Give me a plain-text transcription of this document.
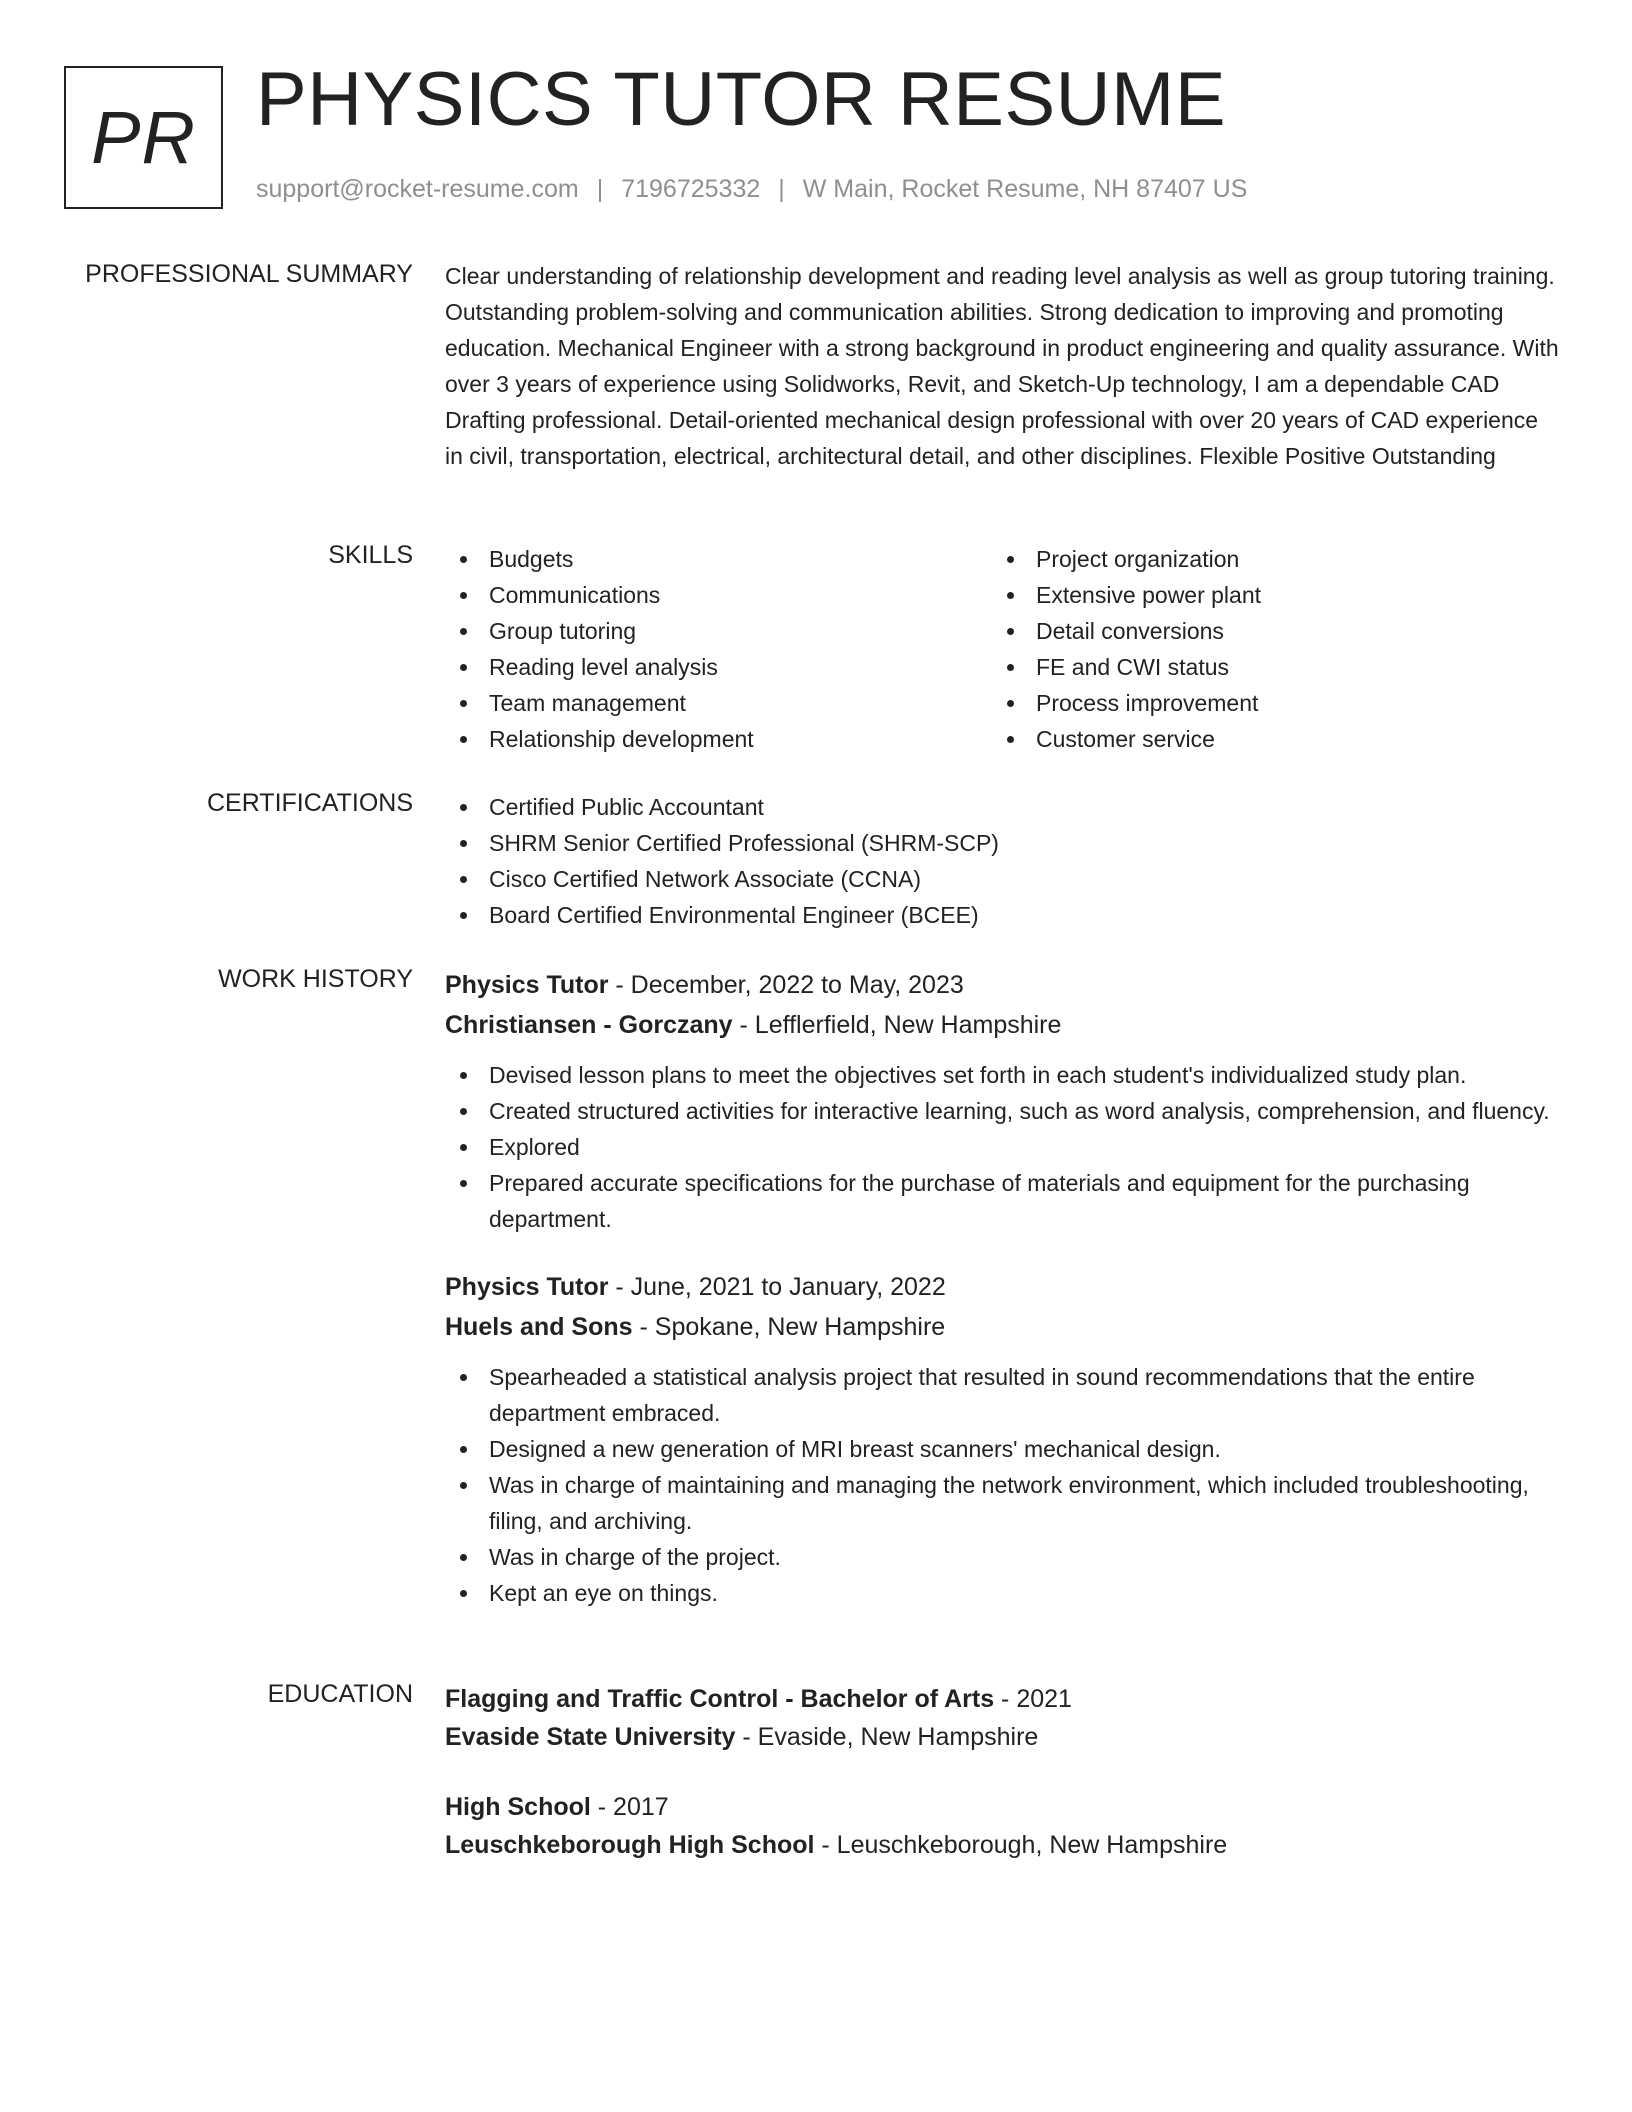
PR PHYSICS TUTOR RESUME
support@rocket-resume.com | 7196725332 | W Main, Rocket Resume, NH 87407 US
PROFESSIONAL SUMMARY Clear understanding of relationship development and reading level analysis as well as group tutoring training. Outstanding problem-solving and communication abilities. Strong dedication to improving and promoting education. Mechanical Engineer with a strong background in product engineering and quality assurance. With over 3 years of experience using Solidworks, Revit, and Sketch-Up technology, I am a dependable CAD Drafting professional. Detail-oriented mechanical design professional with over 20 years of CAD experience in civil, transportation, electrical, architectural detail, and other disciplines. Flexible Positive Outstanding
SKILLS	Budgets
Communications
Group tutoring
Reading level analysis
Team management
Relationship development
Project organization
Extensive power plant
Detail conversions
FE and CWI status
Process improvement
Customer service
CERTIFICATIONS	Certified Public Accountant
SHRM Senior Certified Professional (SHRM-SCP)
Cisco Certified Network Associate (CCNA)
Board Certified Environmental Engineer (BCEE)
WORK HISTORY Physics Tutor - December, 2022 to May, 2023
Christiansen - Gorczany - Lefflerfield, New Hampshire
Devised lesson plans to meet the objectives set forth in each student's individualized study plan.
Created structured activities for interactive learning, such as word analysis, comprehension, and fluency.
Explored
Prepared accurate specifications for the purchase of materials and equipment for the purchasing department.
Physics Tutor - June, 2021 to January, 2022
Huels and Sons - Spokane, New Hampshire
Spearheaded a statistical analysis project that resulted in sound recommendations that the entire department embraced.
Designed a new generation of MRI breast scanners' mechanical design.
Was in charge of maintaining and managing the network environment, which included troubleshooting, filing, and archiving.
Was in charge of the project.
Kept an eye on things.
EDUCATION Flagging and Traffic Control - Bachelor of Arts - 2021
Evaside State University - Evaside, New Hampshire
High School - 2017
Leuschkeborough High School - Leuschkeborough, New Hampshire
